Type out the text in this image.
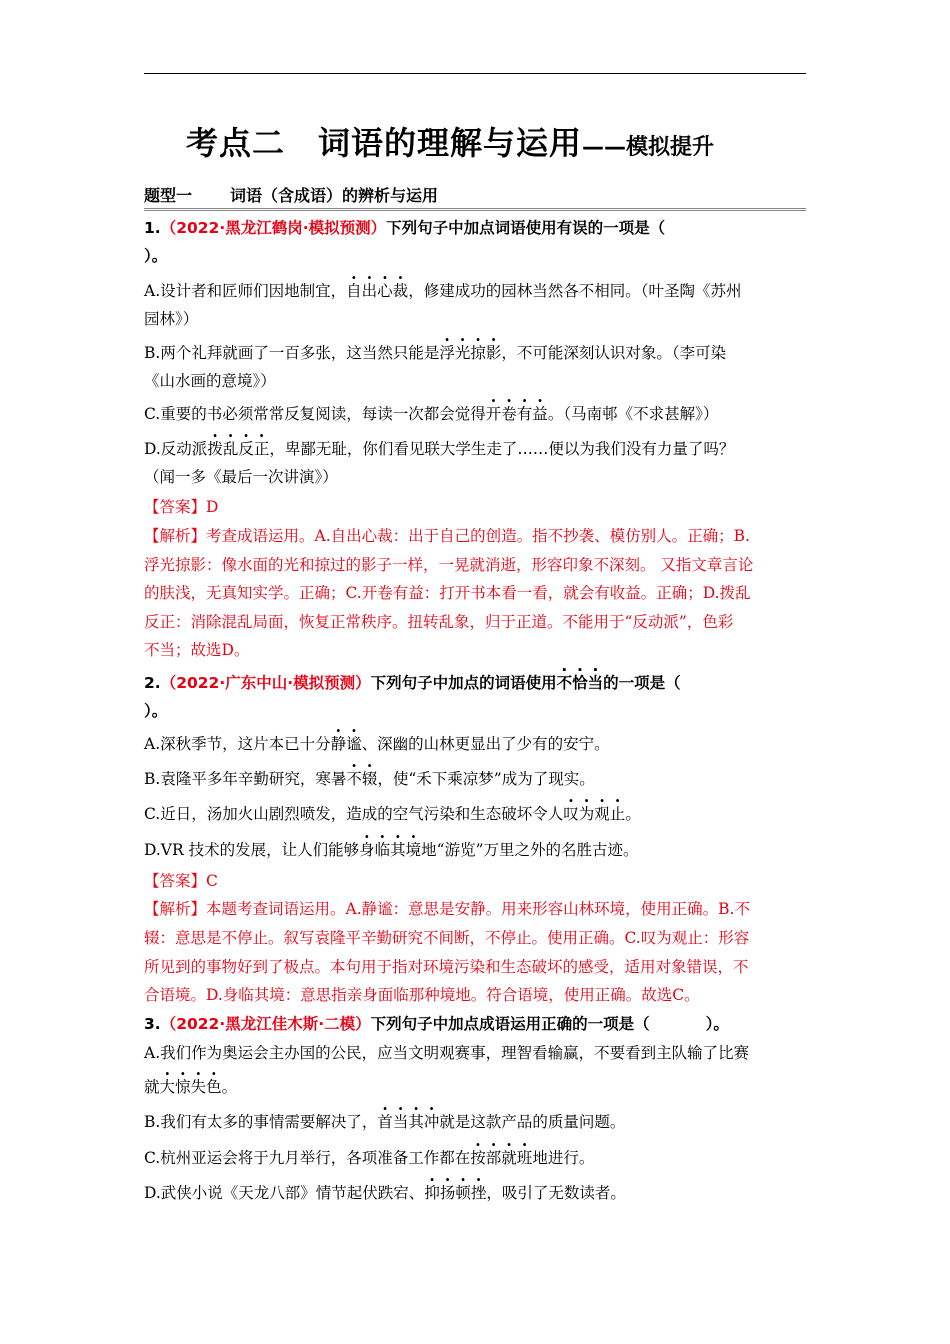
考点二　词语的理解与运用——模拟提升
题型一 词语（含成语）的辨析与运用
1.（2022·黑龙江鹤岗·模拟预测）下列句子中加点词语使用有误的一项是（
）。
A.设计者和匠师们因地制宜，自出心裁，修建成功的园林当然各不相同。（叶圣陶《苏州
园林》）
B.两个礼拜就画了一百多张，这当然只能是浮光掠影，不可能深刻认识对象。（李可染
《山水画的意境》）
C.重要的书必须常常反复阅读，每读一次都会觉得开卷有益。（马南邨《不求甚解》）
D.反动派拨乱反正，卑鄙无耻，你们看见联大学生走了……便以为我们没有力量了吗？
（闻一多《最后一次讲演》）
【答案】D
【解析】考查成语运用。A.自出心裁：出于自己的创造。指不抄袭、模仿别人。正确；B.
浮光掠影：像水面的光和掠过的影子一样，一晃就消逝，形容印象不深刻。 又指文章言论
的肤浅，无真知实学。正确；C.开卷有益：打开书本看一看，就会有收益。正确；D.拨乱
反正：消除混乱局面，恢复正常秩序。扭转乱象，归于正道。不能用于“反动派”，色彩
不当；故选D。
2.（2022·广东中山·模拟预测）下列句子中加点的词语使用不恰当的一项是（
）。
A.深秋季节，这片本已十分静谧、深幽的山林更显出了少有的安宁。
B.袁隆平多年辛勤研究，寒暑不辍，使“禾下乘凉梦”成为了现实。
C.近日，汤加火山剧烈喷发，造成的空气污染和生态破坏令人叹为观止。
D.VR 技术的发展，让人们能够身临其境地“游览”万里之外的名胜古迹。
【答案】C
【解析】本题考查词语运用。A.静谧：意思是安静。用来形容山林环境，使用正确。B.不
辍：意思是不停止。叙写袁隆平辛勤研究不间断，不停止。使用正确。C.叹为观止：形容
所见到的事物好到了极点。本句用于指对环境污染和生态破坏的感受，适用对象错误，不
合语境。D.身临其境：意思指亲身面临那种境地。符合语境，使用正确。故选C。
3.（2022·黑龙江佳木斯·二模）下列句子中加点成语运用正确的一项是（	）。
A.我们作为奥运会主办国的公民，应当文明观赛事，理智看输赢，不要看到主队输了比赛
就大惊失色。
B.我们有太多的事情需要解决了，首当其冲就是这款产品的质量问题。
C.杭州亚运会将于九月举行，各项准备工作都在按部就班地进行。
D.武侠小说《天龙八部》情节起伏跌宕、抑扬顿挫，吸引了无数读者。
